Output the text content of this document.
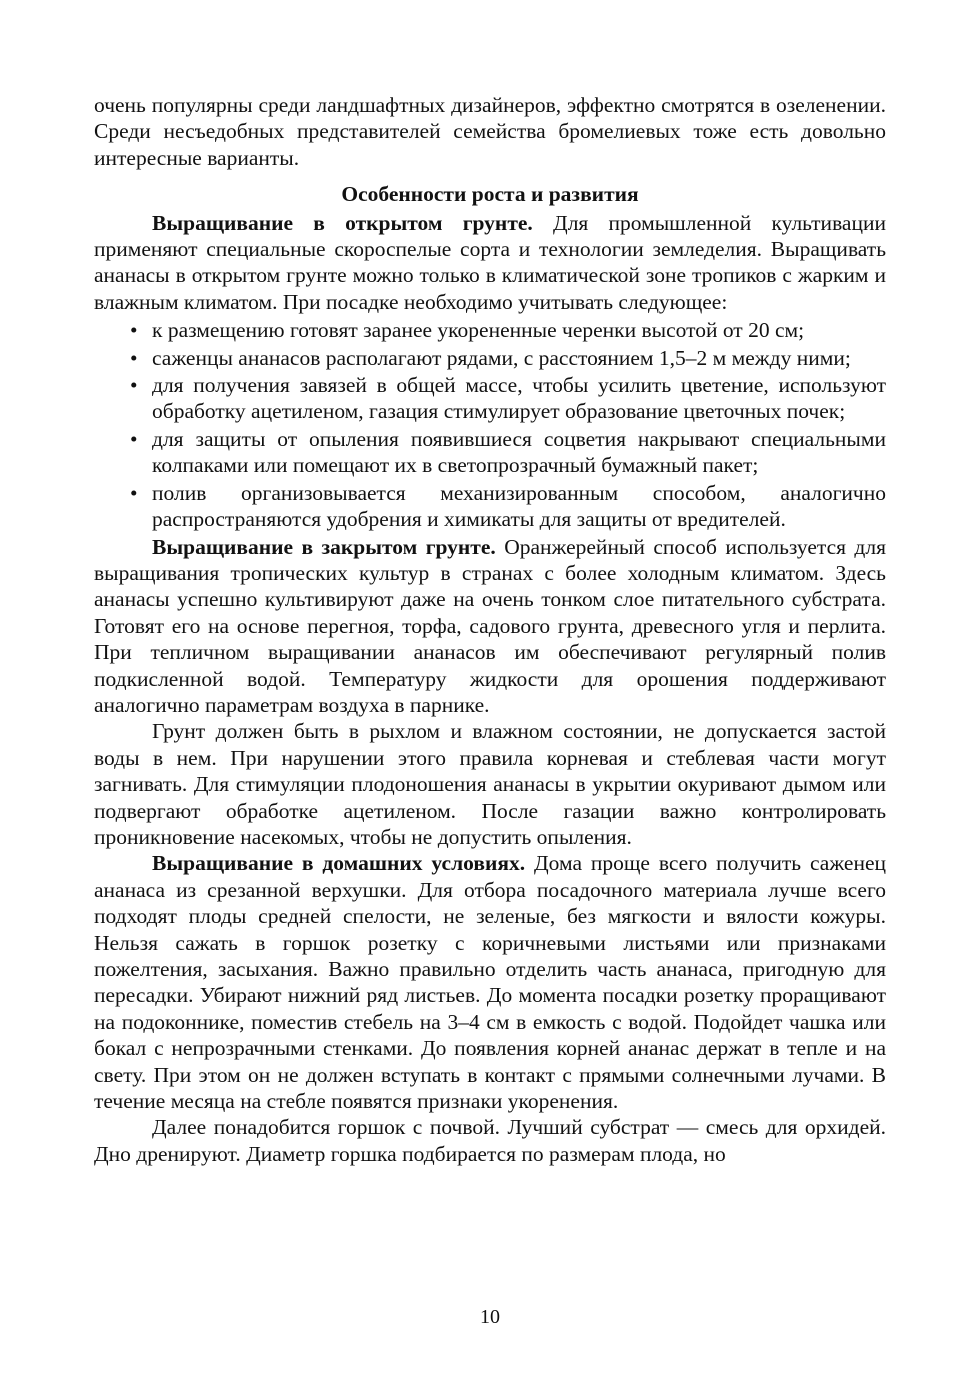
очень популярны среди ландшафтных дизайнеров, эффектно смотрятся в озеленении. Среди несъедобных представителей семейства бромелиевых тоже есть довольно интересные варианты.

Особенности роста и развития

Выращивание в открытом грунте. Для промышленной культивации применяют специальные скороспелые сорта и технологии земледелия. Выращивать ананасы в открытом грунте можно только в климатической зоне тропиков с жарким и влажным климатом. При посадке необходимо учитывать следующее:

• к размещению готовят заранее укорененные черенки высотой от 20 см;
• саженцы ананасов располагают рядами, с расстоянием 1,5–2 м между ними;
• для получения завязей в общей массе, чтобы усилить цветение, используют обработку ацетиленом, газация стимулирует образование цветочных почек;
• для защиты от опыления появившиеся соцветия накрывают специальными колпаками или помещают их в светопрозрачный бумажный пакет;
• полив организовывается механизированным способом, аналогично распространяются удобрения и химикаты для защиты от вредителей.

Выращивание в закрытом грунте. Оранжерейный способ используется для выращивания тропических культур в странах с более холодным климатом. Здесь ананасы успешно культивируют даже на очень тонком слое питательного субстрата. Готовят его на основе перегноя, торфа, садового грунта, древесного угля и перлита. При тепличном выращивании ананасов им обеспечивают регулярный полив подкисленной водой. Температуру жидкости для орошения поддерживают аналогично параметрам воздуха в парнике.

Грунт должен быть в рыхлом и влажном состоянии, не допускается застой воды в нем. При нарушении этого правила корневая и стеблевая части могут загнивать. Для стимуляции плодоношения ананасы в укрытии окуривают дымом или подвергают обработке ацетиленом. После газации важно контролировать проникновение насекомых, чтобы не допустить опыления.

Выращивание в домашних условиях. Дома проще всего получить саженец ананаса из срезанной верхушки. Для отбора посадочного материала лучше всего подходят плоды средней спелости, не зеленые, без мягкости и вялости кожуры. Нельзя сажать в горшок розетку с коричневыми листьями или признаками пожелтения, засыхания. Важно правильно отделить часть ананаса, пригодную для пересадки. Убирают нижний ряд листьев. До момента посадки розетку проращивают на подоконнике, поместив стебель на 3–4 см в емкость с водой. Подойдет чашка или бокал с непрозрачными стенками. До появления корней ананас держат в тепле и на свету. При этом он не должен вступать в контакт с прямыми солнечными лучами. В течение месяца на стебле появятся признаки укоренения.

Далее понадобится горшок с почвой. Лучший субстрат — смесь для орхидей. Дно дренируют. Диаметр горшка подбирается по размерам плода, но

10
